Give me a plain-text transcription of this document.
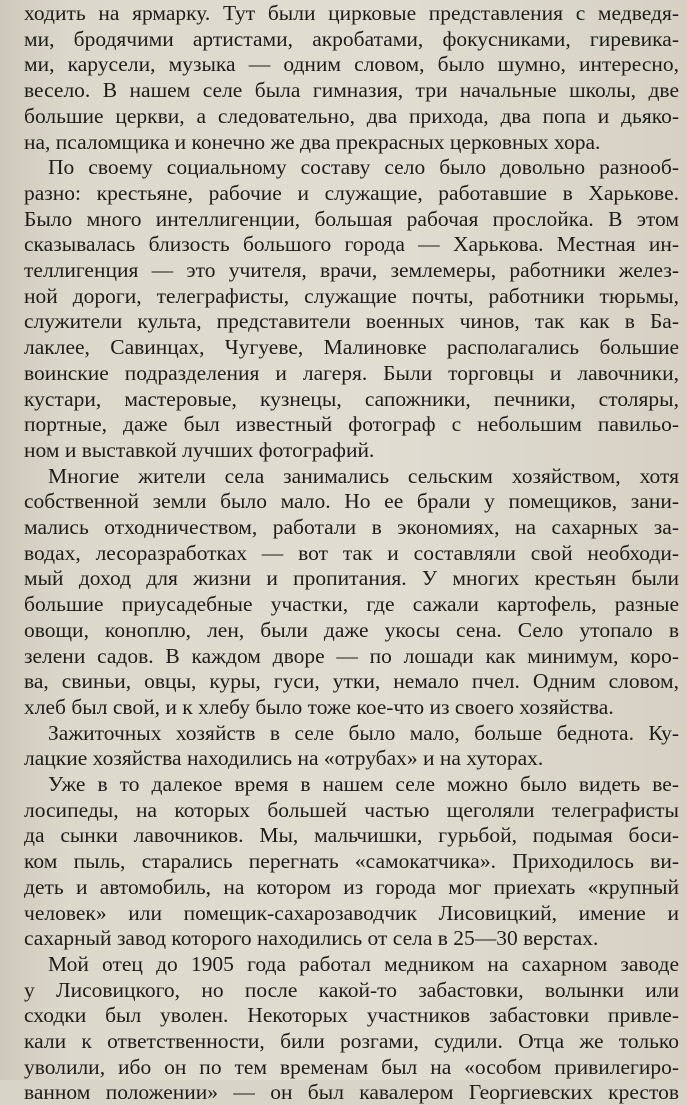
ходить на ярмарку. Тут были цирковые представления с медведя-
ми, бродячими артистами, акробатами, фокусниками, гиревика-
ми, карусели, музыка — одним словом, было шумно, интересно,
весело. В нашем селе была гимназия, три начальные школы, две
большие церкви, а следовательно, два прихода, два попа и дьяко-
на, псаломщика и конечно же два прекрасных церковных хора.
По своему социальному составу село было довольно разнооб-
разно: крестьяне, рабочие и служащие, работавшие в Харькове.
Было много интеллигенции, большая рабочая прослойка. В этом
сказывалась близость большого города — Харькова. Местная ин-
теллигенция — это учителя, врачи, землемеры, работники желез-
ной дороги, телеграфисты, служащие почты, работники тюрьмы,
служители культа, представители военных чинов, так как в Ба-
лаклее, Савинцах, Чугуеве, Малиновке располагались большие
воинские подразделения и лагеря. Были торговцы и лавочники,
кустари, мастеровые, кузнецы, сапожники, печники, столяры,
портные, даже был известный фотограф с небольшим павильо-
ном и выставкой лучших фотографий.
Многие жители села занимались сельским хозяйством, хотя
собственной земли было мало. Но ее брали у помещиков, зани-
мались отходничеством, работали в экономиях, на сахарных за-
водах, лесоразработках — вот так и составляли свой необходи-
мый доход для жизни и пропитания. У многих крестьян были
большие приусадебные участки, где сажали картофель, разные
овощи, коноплю, лен, были даже укосы сена. Село утопало в
зелени садов. В каждом дворе — по лошади как минимум, коро-
ва, свиньи, овцы, куры, гуси, утки, немало пчел. Одним словом,
хлеб был свой, и к хлебу было тоже кое-что из своего хозяйства.
Зажиточных хозяйств в селе было мало, больше беднота. Ку-
лацкие хозяйства находились на «отрубах» и на хуторах.
Уже в то далекое время в нашем селе можно было видеть ве-
лосипеды, на которых большей частью щеголяли телеграфисты
да сынки лавочников. Мы, мальчишки, гурьбой, подымая боси-
ком пыль, старались перегнать «самокатчика». Приходилось ви-
деть и автомобиль, на котором из города мог приехать «крупный
человек» или помещик-сахарозаводчик Лисовицкий, имение и
сахарный завод которого находились от села в 25—30 верстах.
Мой отец до 1905 года работал медником на сахарном заводе
у Лисовицкого, но после какой-то забастовки, волынки или
сходки был уволен. Некоторых участников забастовки привле-
кали к ответственности, били розгами, судили. Отца же только
уволили, ибо он по тем временам был на «особом привилегиро-
ванном положении» — он был кавалером Георгиевских крестов
